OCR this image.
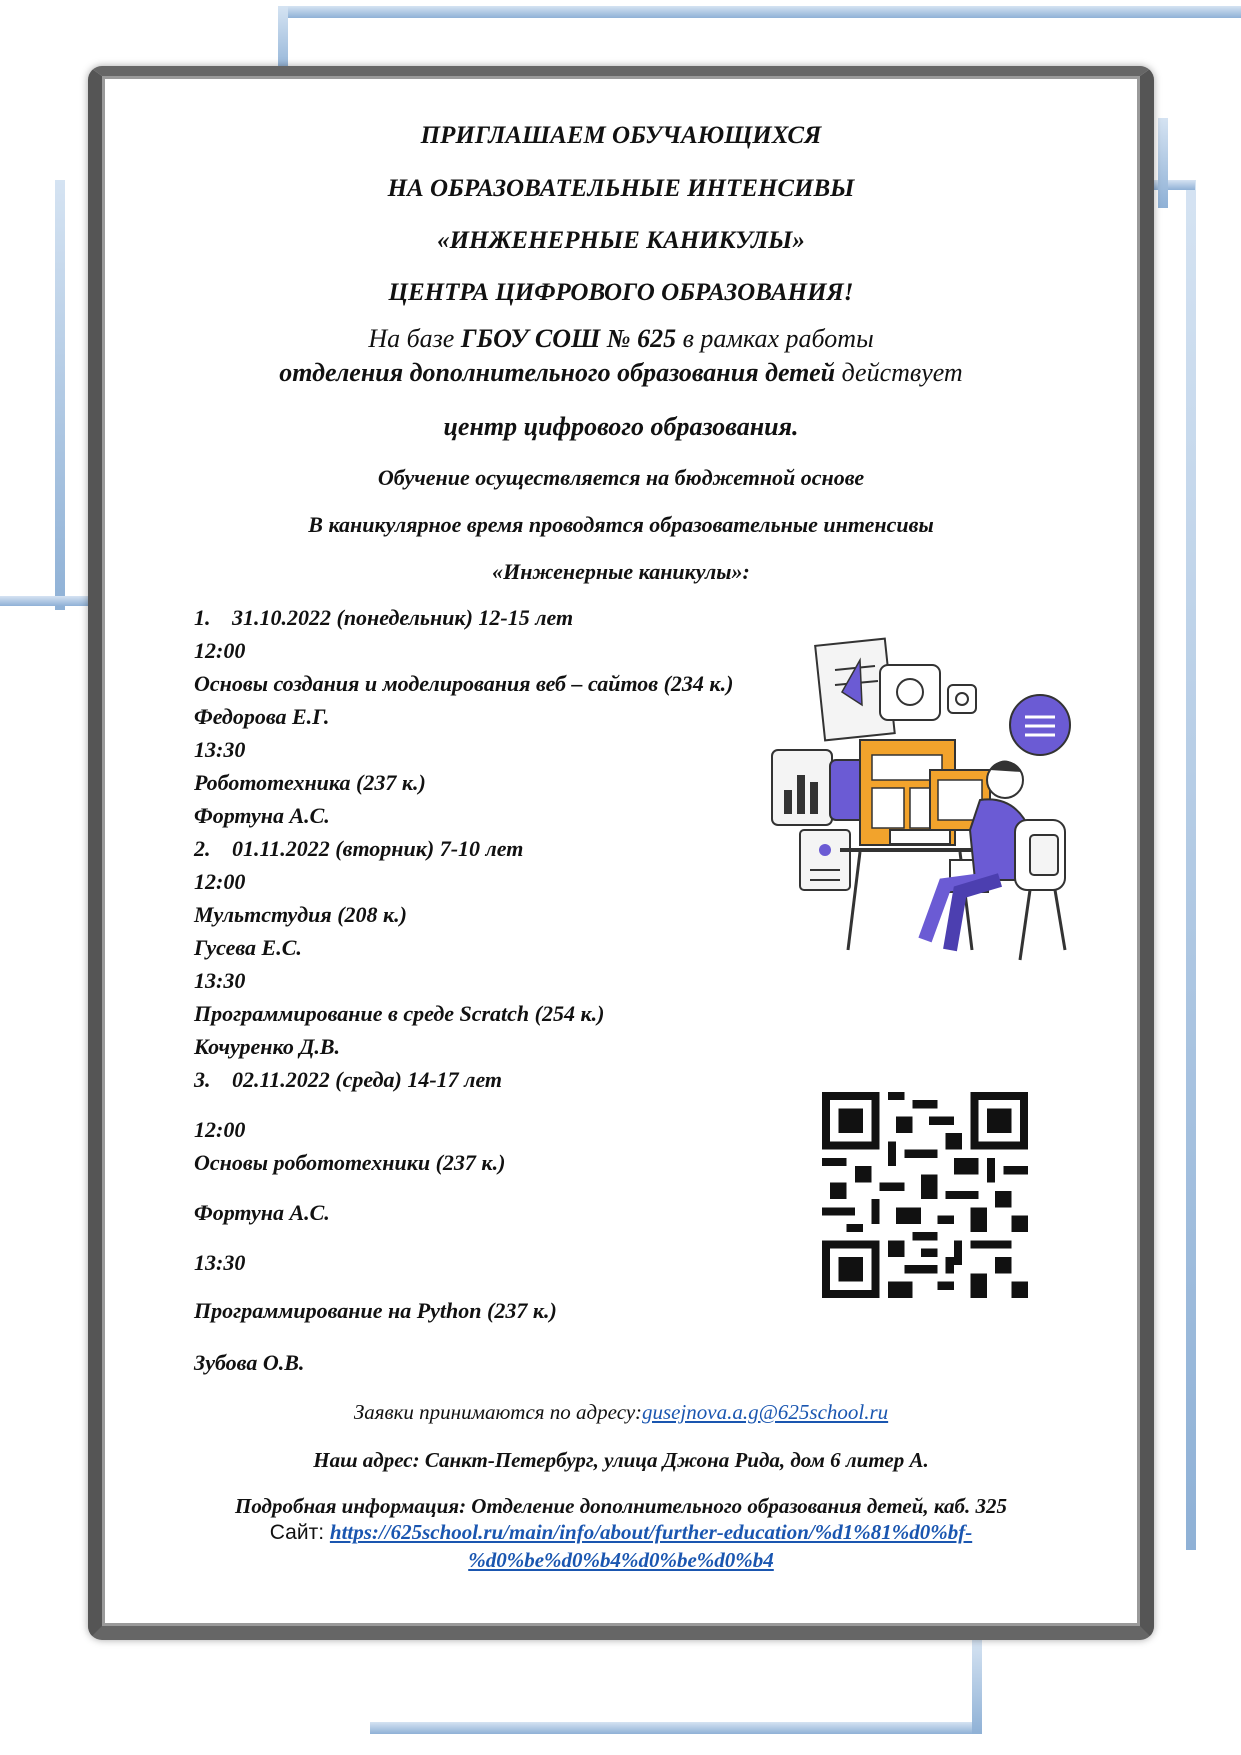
ПРИГЛАШАЕМ ОБУЧАЮЩИХСЯ
НА ОБРАЗОВАТЕЛЬНЫЕ ИНТЕНСИВЫ
«ИНЖЕНЕРНЫЕ КАНИКУЛЫ»
ЦЕНТРА ЦИФРОВОГО ОБРАЗОВАНИЯ!
На базе ГБОУ СОШ № 625 в рамках работы
отделения дополнительного образования детей действует
центр цифрового образования.
Обучение осуществляется на бюджетной основе
В каникулярное время проводятся образовательные интенсивы
«Инженерные каникулы»:
1. 31.10.2022 (понедельник) 12-15 лет
12:00
Основы создания и моделирования веб – сайтов (234 к.)
Федорова Е.Г.
13:30
Робототехника (237 к.)
Фортуна А.С.
2. 01.11.2022 (вторник) 7-10 лет
12:00
Мультстудия (208 к.)
Гусева Е.С.
13:30
Программирование в среде Scratch (254 к.)
Кочуренко Д.В.
3. 02.11.2022 (среда) 14-17 лет
12:00
Основы робототехники (237 к.)
Фортуна А.С.
13:30
Программирование на Python (237 к.)
Зубова О.В.
Заявки принимаются по адресу:gusejnova.a.g@625school.ru
Наш адрес: Санкт-Петербург, улица Джона Рида, дом 6 литер А.
Подробная информация: Отделение дополнительного образования детей, каб. 325
Сайт: https://625school.ru/main/info/about/further-education/%d1%81%d0%bf-
%d0%be%d0%b4%d0%be%d0%b4
